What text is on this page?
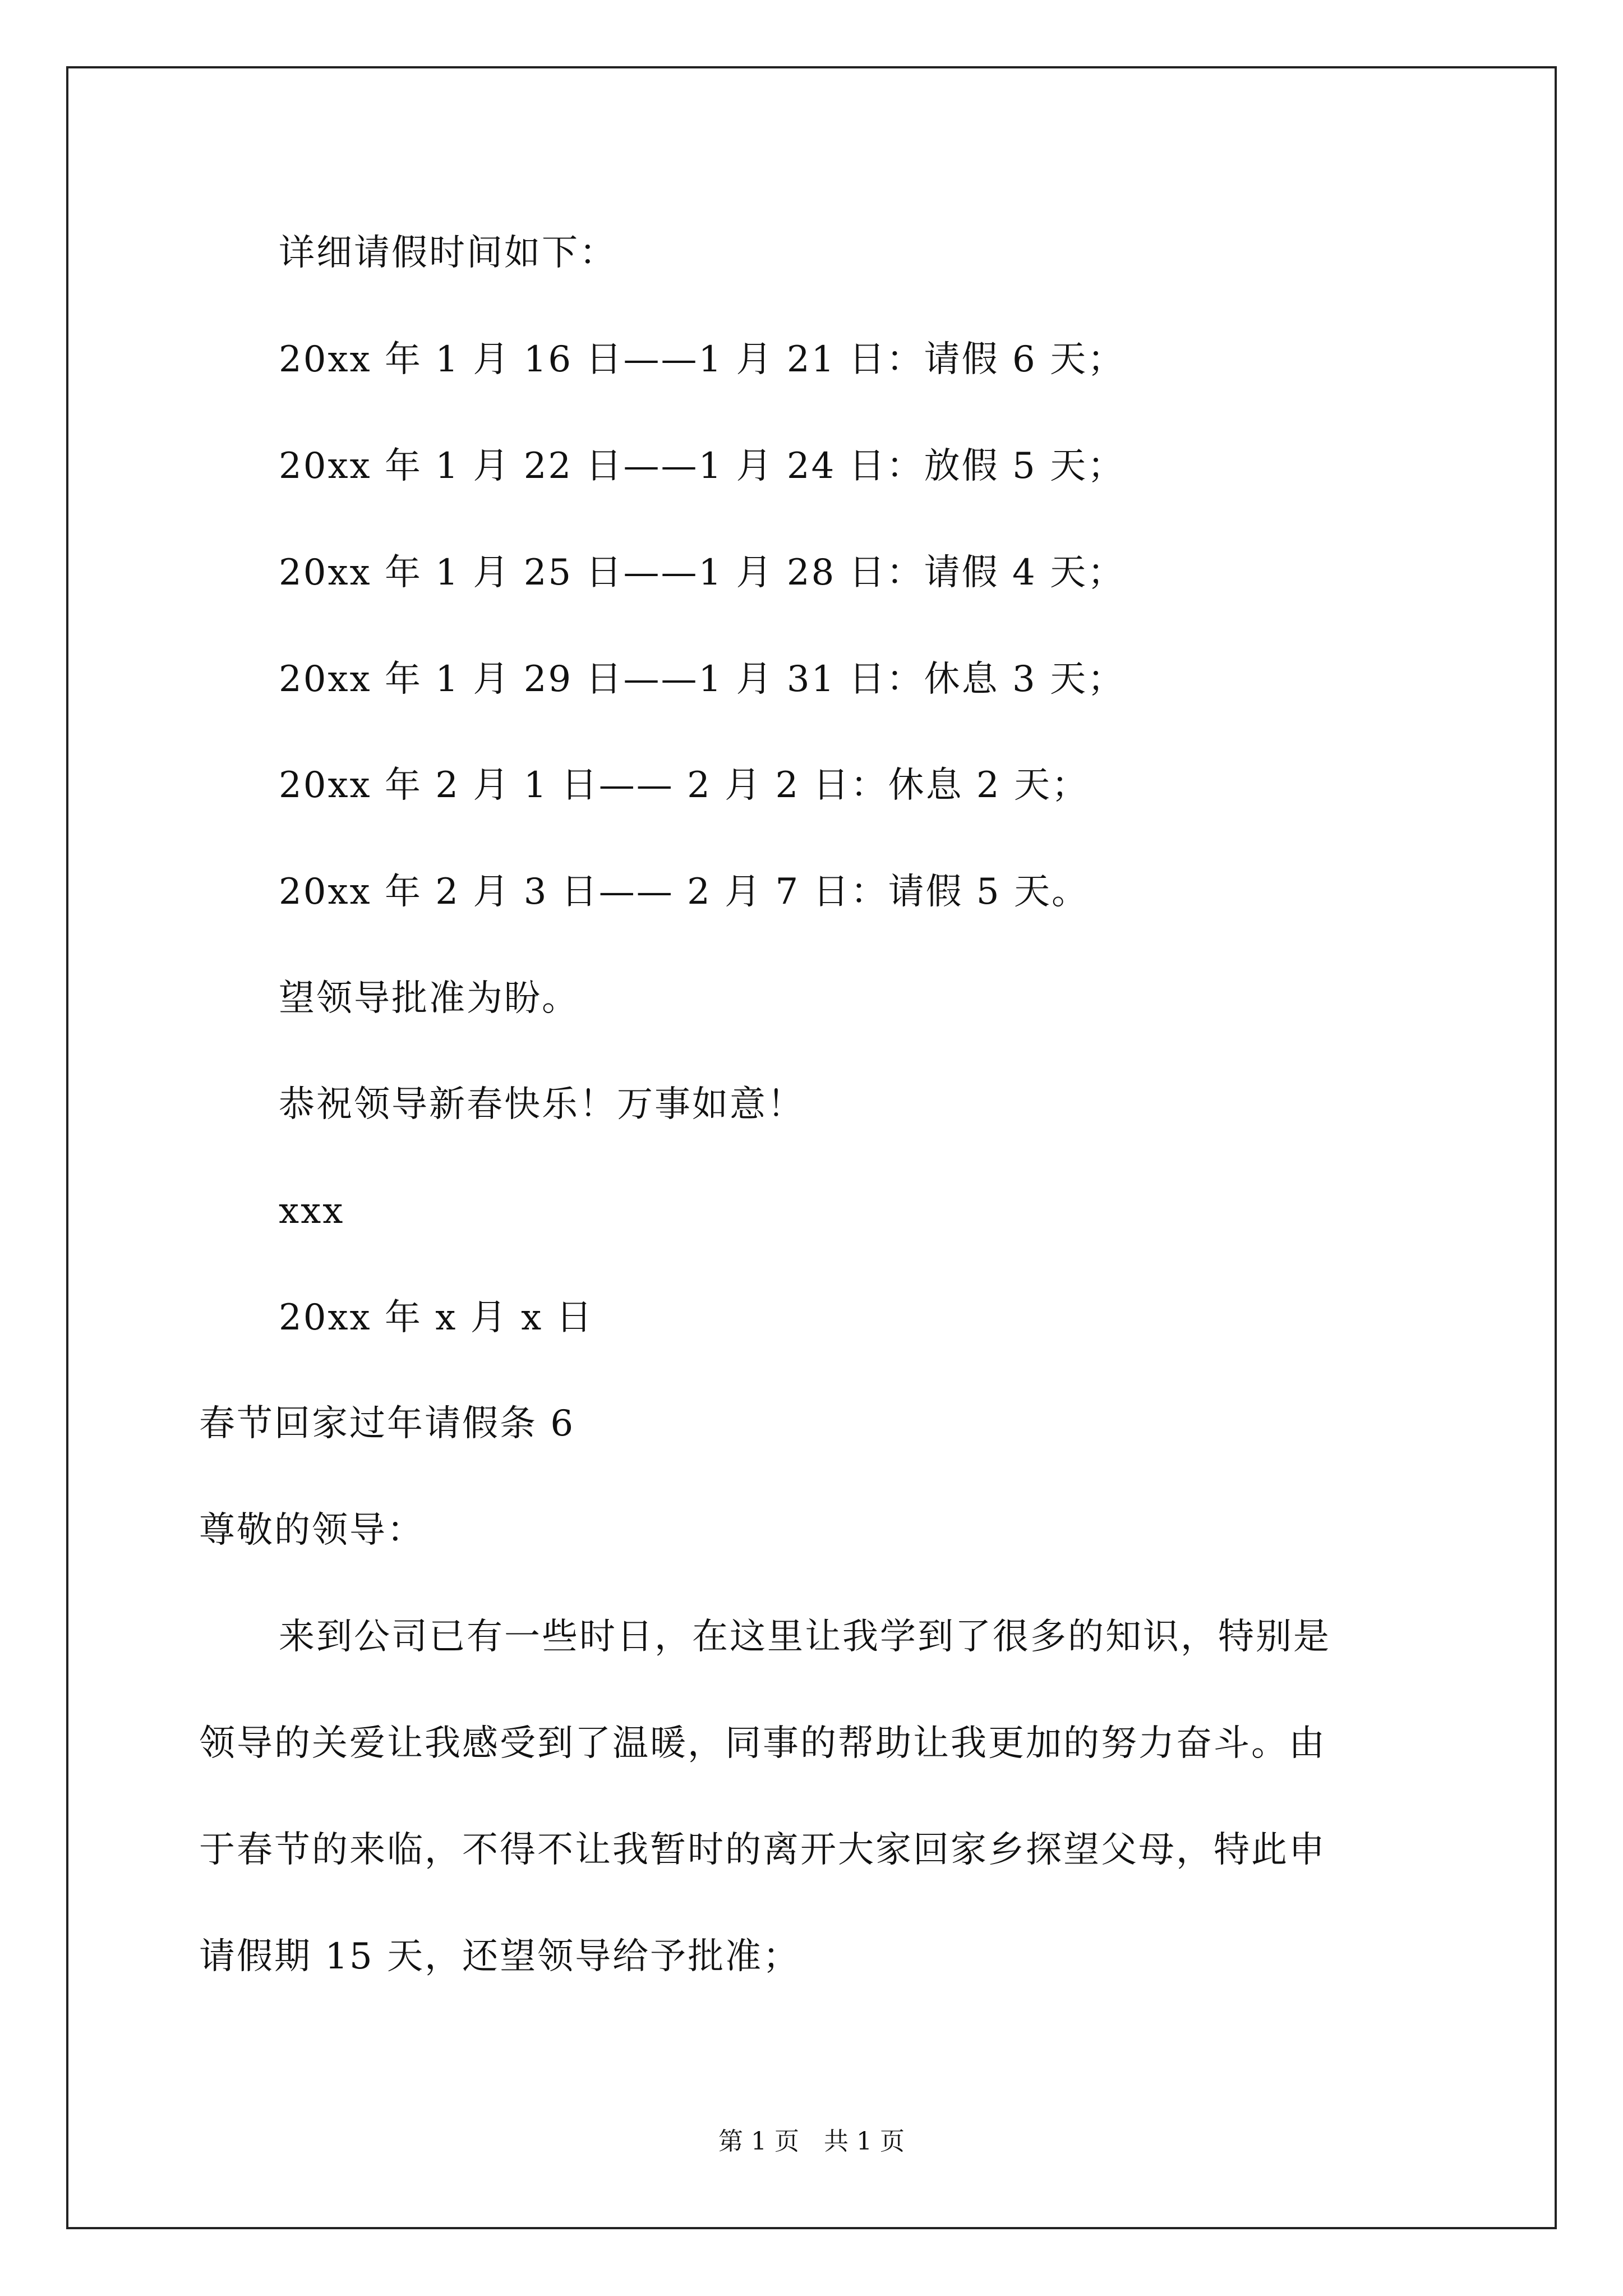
详细请假时间如下：
20xx 年 1 月 16 日——1 月 21 日：请假 6 天；
20xx 年 1 月 22 日——1 月 24 日：放假 5 天；
20xx 年 1 月 25 日——1 月 28 日：请假 4 天；
20xx 年 1 月 29 日——1 月 31 日：休息 3 天；
20xx 年 2 月 1 日—— 2 月 2 日：休息 2 天；
20xx 年 2 月 3 日—— 2 月 7 日：请假 5 天。
望领导批准为盼。
恭祝领导新春快乐！万事如意！
xxx
20xx 年 x 月 x 日
春节回家过年请假条 6
尊敬的领导：
来到公司已有一些时日，在这里让我学到了很多的知识，特别是
领导的关爱让我感受到了温暖，同事的帮助让我更加的努力奋斗。由
于春节的来临，不得不让我暂时的离开大家回家乡探望父母，特此申
请假期 15 天，还望领导给予批准；
第 1 页　共 1 页
